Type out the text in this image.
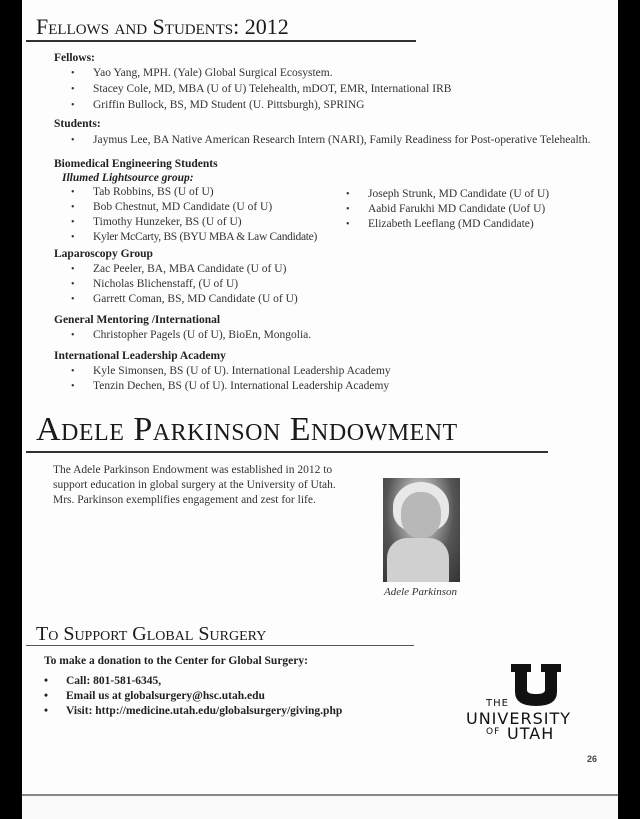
Fellows and Students: 2012
Fellows:
•Yao Yang, MPH. (Yale) Global Surgical Ecosystem.
•Stacey Cole, MD, MBA (U of U) Telehealth, mDOT, EMR, International IRB
•Griffin Bullock, BS, MD Student (U. Pittsburgh), SPRING
Students:
•Jaymus Lee, BA Native American Research Intern (NARI), Family Readiness for Post-operative Telehealth.
Biomedical Engineering Students
Illumed Lightsource group:
•Tab Robbins, BS (U of U)
•Bob Chestnut, MD Candidate (U of U)
•Timothy Hunzeker, BS (U of U)
•Kyler McCarty, BS (BYU MBA & Law Candidate)
•Joseph Strunk, MD Candidate (U of U)
•Aabid Farukhi MD Candidate (Uof U)
•Elizabeth Leeflang (MD Candidate)
Laparoscopy Group
•Zac Peeler, BA, MBA Candidate (U of U)
•Nicholas Blichenstaff, (U of U)
•Garrett Coman, BS, MD Candidate (U of U)
General Mentoring /International
•Christopher Pagels (U of U), BioEn, Mongolia.
International Leadership Academy
•Kyle Simonsen, BS (U of U). International Leadership Academy
•Tenzin Dechen, BS (U of U). International Leadership Academy
Adele Parkinson Endowment
The Adele Parkinson Endowment was established in 2012 to
support education in global surgery at the University of Utah.
Mrs. Parkinson exemplifies engagement and zest for life.
Adele Parkinson
To Support Global Surgery
To make a donation to the Center for Global Surgery:
• Call: 801-581-6345,
• Email us at globalsurgery@hsc.utah.edu
• Visit: http://medicine.utah.edu/globalsurgery/giving.php
THE
UNIVERSITY
OF UTAH
26
